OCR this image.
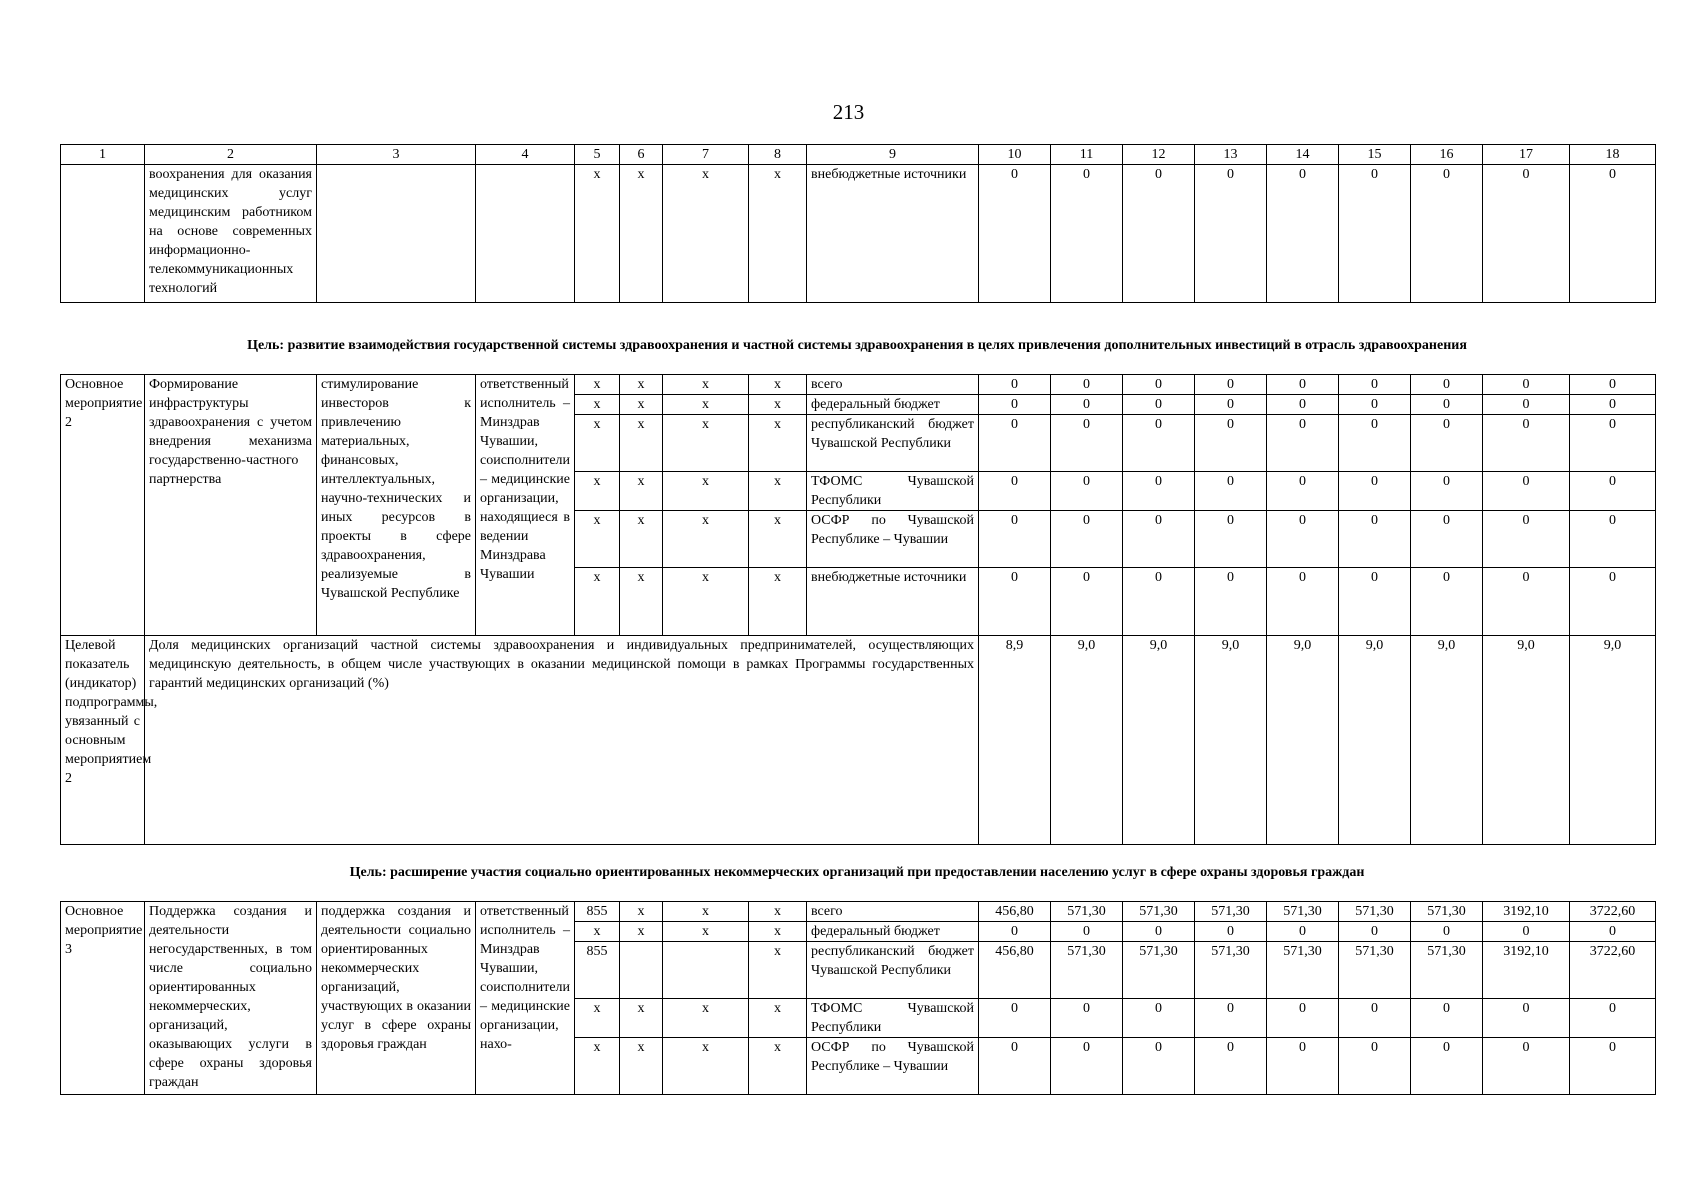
213
1	2	3	4	5	6	7	8	9	10	11	12	13	14	15	16	17	18
	воохранения для оказания медицинских услуг медицинским работником на основе современных информационно-телекоммуникационных технологий			х	х	х	х	внебюджетные источники	0	0	0	0	0	0	0	0	0
Цель: развитие взаимодействия государственной системы здравоохранения и частной системы здравоохранения в целях привлечения дополнительных инвестиций в отрасль здравоохранения
Основное мероприятие 2	Формирование инфраструктуры здравоохранения с учетом внедрения механизма государственно-частного партнерства	стимулирование инвесторов к привлечению материальных, финансовых, интеллектуальных, научно-технических и иных ресурсов в проекты в сфере здравоохранения, реализуемые в Чувашской Республике	ответственный исполнитель – Минздрав Чувашии, соисполнители – медицинские организации, находящиеся в ведении Минздрава Чувашии	х	х	х	х	всего	0	0	0	0	0	0	0	0	0
				х	х	х	х	федеральный бюджет	0	0	0	0	0	0	0	0	0
				х	х	х	х	республиканский бюджет Чувашской Республики	0	0	0	0	0	0	0	0	0
				х	х	х	х	ТФОМС Чувашской Республики	0	0	0	0	0	0	0	0	0
				х	х	х	х	ОСФР по Чувашской Республике – Чувашии	0	0	0	0	0	0	0	0	0
				х	х	х	х	внебюджетные источники	0	0	0	0	0	0	0	0	0
Целевой показатель (индикатор) подпрограммы, увязанный с основным мероприятием 2	Доля медицинских организаций частной системы здравоохранения и индивидуальных предпринимателей, осуществляющих медицинскую деятельность, в общем числе участвующих в оказании медицинской помощи в рамках Программы государственных гарантий медицинских организаций (%)								8,9	9,0	9,0	9,0	9,0	9,0	9,0	9,0	9,0
Цель: расширение участия социально ориентированных некоммерческих организаций при предоставлении населению услуг в сфере охраны здоровья граждан
Основное мероприятие 3	Поддержка создания и деятельности негосударственных, в том числе социально ориентированных некоммерческих, организаций, оказывающих услуги в сфере охраны здоровья граждан	поддержка создания и деятельности социально ориентированных некоммерческих организаций, участвующих в оказании услуг в сфере охраны здоровья граждан	ответственный исполнитель – Минздрав Чувашии, соисполнители – медицинские организации, нахо-	855	х	х	х	всего	456,80	571,30	571,30	571,30	571,30	571,30	571,30	3192,10	3722,60
				х	х	х	х	федеральный бюджет	0	0	0	0	0	0	0	0	0
				855			х	республиканский бюджет Чувашской Республики	456,80	571,30	571,30	571,30	571,30	571,30	571,30	3192,10	3722,60
				х	х	х	х	ТФОМС Чувашской Республики	0	0	0	0	0	0	0	0	0
				х	х	х	х	ОСФР по Чувашской Республике – Чувашии	0	0	0	0	0	0	0	0	0
